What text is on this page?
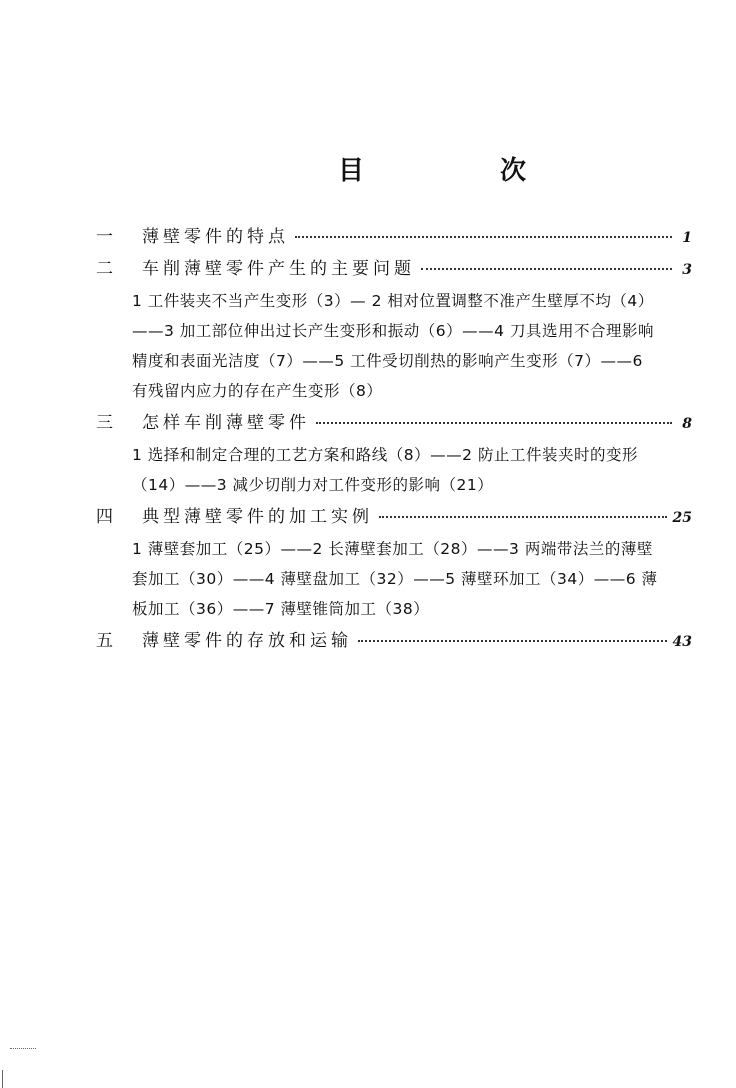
目　次
一	薄壁零件的特点	1
二	车削薄壁零件产生的主要问题	3
1 工件装夹不当产生变形（3）— 2 相对位置调整不准产生壁厚不均（4）——3 加工部位伸出过长产生变形和振动（6）——4 刀具选用不合理影响精度和表面光洁度（7）——5 工件受切削热的影响产生变形（7）——6 有残留内应力的存在产生变形（8）
三	怎样车削薄壁零件	8
1 选择和制定合理的工艺方案和路线（8）——2 防止工件装夹时的变形（14）——3 减少切削力对工件变形的影响（21）
四	典型薄壁零件的加工实例	25
1 薄壁套加工（25）——2 长薄壁套加工（28）——3 两端带法兰的薄壁套加工（30）——4 薄壁盘加工（32）——5 薄壁环加工（34）——6 薄板加工（36）——7 薄壁锥筒加工（38）
五	薄壁零件的存放和运输	43
